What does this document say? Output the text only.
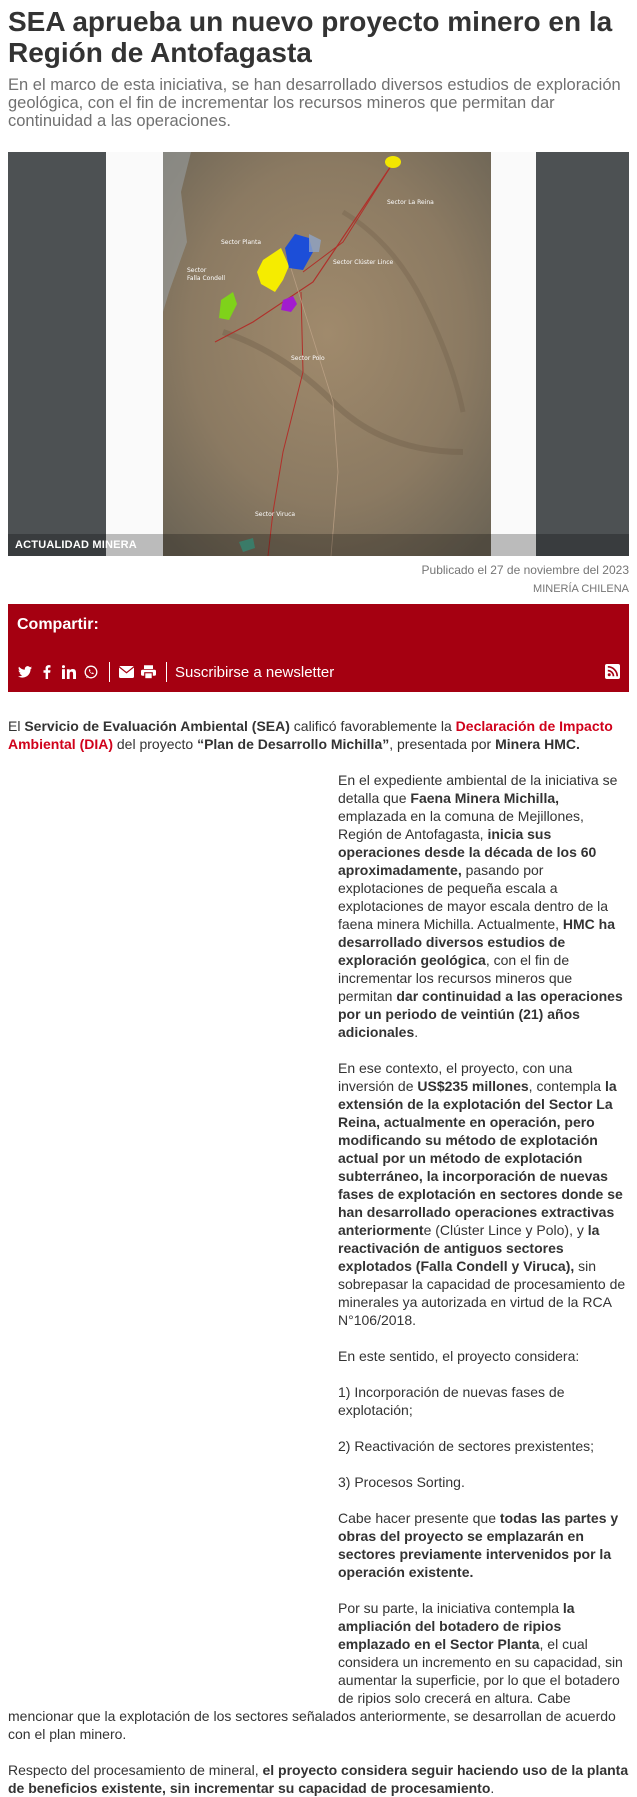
SEA aprueba un nuevo proyecto minero en la Región de Antofagasta

En el marco de esta iniciativa, se han desarrollado diversos estudios de exploración geológica, con el fin de incrementar los recursos mineros que permitan dar continuidad a las operaciones.

Sector La Reina
Sector Planta
Sector Clúster Lince
Sector
Falla Condell
Sector Polo
Sector Viruca
ACTUALIDAD MINERA
Publicado el 27 de noviembre del 2023
MINERÍA CHILENA
Compartir:
Suscribirse a newsletter

El Servicio de Evaluación Ambiental (SEA) calificó favorablemente la Declaración de Impacto Ambiental (DIA) del proyecto “Plan de Desarrollo Michilla”, presentada por Minera HMC.

En el expediente ambiental de la iniciativa se detalla que Faena Minera Michilla, emplazada en la comuna de Mejillones, Región de Antofagasta, inicia sus operaciones desde la década de los 60 aproximadamente, pasando por explotaciones de pequeña escala a explotaciones de mayor escala dentro de la faena minera Michilla. Actualmente, HMC ha desarrollado diversos estudios de exploración geológica, con el fin de incrementar los recursos mineros que permitan dar continuidad a las operaciones por un periodo de veintiún (21) años adicionales.

En ese contexto, el proyecto, con una inversión de US$235 millones, contempla la extensión de la explotación del Sector La Reina, actualmente en operación, pero modificando su método de explotación actual por un método de explotación subterráneo, la incorporación de nuevas fases de explotación en sectores donde se han desarrollado operaciones extractivas anteriormente (Clúster Lince y Polo), y la reactivación de antiguos sectores explotados (Falla Condell y Viruca), sin sobrepasar la capacidad de procesamiento de minerales ya autorizada en virtud de la RCA N°106/2018.

En este sentido, el proyecto considera:

1) Incorporación de nuevas fases de explotación;

2) Reactivación de sectores prexistentes;

3) Procesos Sorting.

Cabe hacer presente que todas las partes y obras del proyecto se emplazarán en sectores previamente intervenidos por la operación existente.

Por su parte, la iniciativa contempla la ampliación del botadero de ripios emplazado en el Sector Planta, el cual considera un incremento en su capacidad, sin aumentar la superficie, por lo que el botadero de ripios solo crecerá en altura. Cabe mencionar que la explotación de los sectores señalados anteriormente, se desarrollan de acuerdo con el plan minero.

Respecto del procesamiento de mineral, el proyecto considera seguir haciendo uso de la planta de beneficios existente, sin incrementar su capacidad de procesamiento.
